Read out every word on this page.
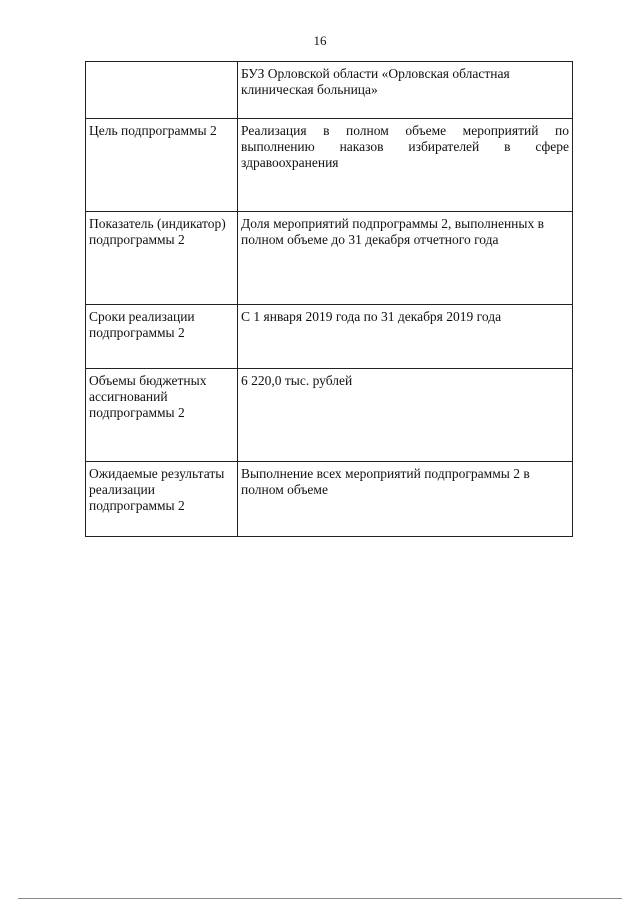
16
	БУЗ Орловской области «Орловская областная клиническая больница»
Цель подпрограммы 2	Реализация в полном объеме мероприятий по выполнению наказов избирателей в сфере здравоохранения
Показатель (индикатор) подпрограммы 2	Доля мероприятий подпрограммы 2, выполненных в полном объеме до 31 декабря отчетного года
Сроки реализации подпрограммы 2	С 1 января 2019 года по 31 декабря 2019 года
Объемы бюджетных ассигнований подпрограммы 2	6 220,0 тыс. рублей
Ожидаемые результаты реализации подпрограммы 2	Выполнение всех мероприятий подпрограммы 2 в полном объеме
